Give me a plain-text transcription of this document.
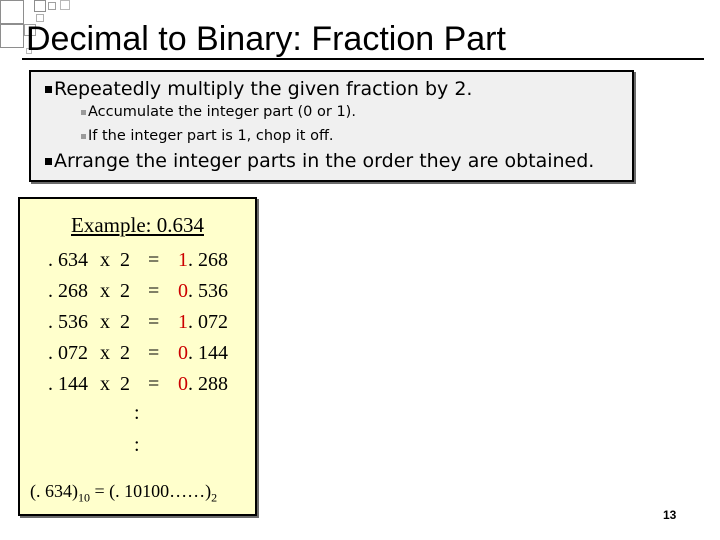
Decimal to Binary: Fraction Part
Repeatedly multiply the given fraction by 2.
Accumulate the integer part (0 or 1).
If the integer part is 1, chop it off.
Arrange the integer parts in the order they are obtained.
Example: 0.634
. 634 x 2 = 1 . 268
. 268 x 2 = 0 . 536
. 536 x 2 = 1 . 072
. 072 x 2 = 0 . 144
. 144 x 2 = 0 . 288
:
:
(. $634)_{10}$ = (. $10100\dots\dots)_2$
13
